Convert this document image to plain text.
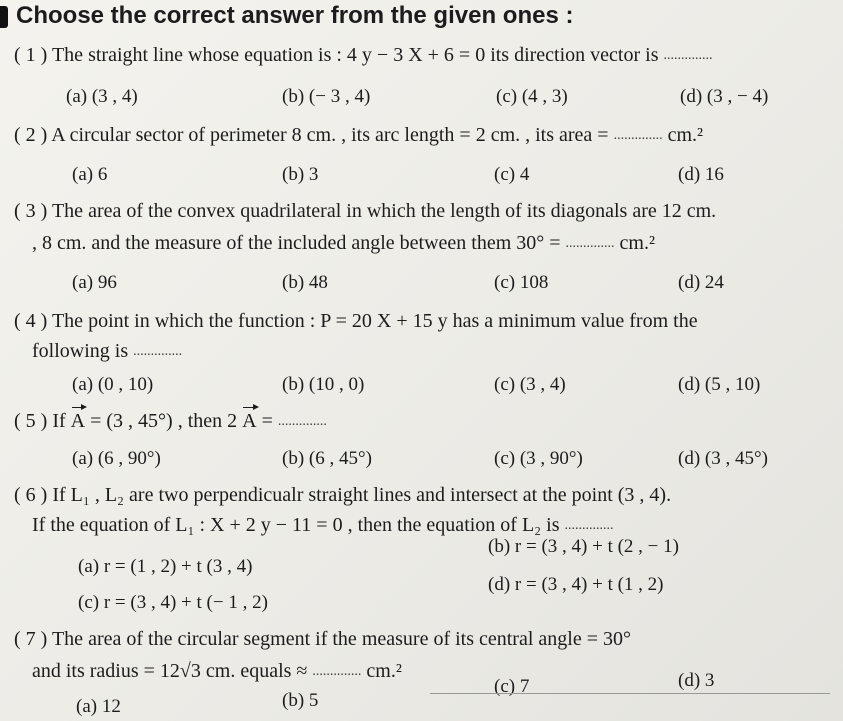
Choose the correct answer from the given ones :
( 1 ) The straight line whose equation is : 4 y − 3 X + 6 = 0 its direction vector is ..............
(a) (3 , 4)	(b) (− 3 , 4)	(c) (4 , 3)	(d) (3 , − 4)
( 2 ) A circular sector of perimeter 8 cm. , its arc length = 2 cm. , its area = .............. cm.²
(a) 6	(b) 3	(c) 4	(d) 16
( 3 ) The area of the convex quadrilateral in which the length of its diagonals are 12 cm.
, 8 cm. and the measure of the included angle between them 30° = .............. cm.²
(a) 96	(b) 48	(c) 108	(d) 24
( 4 ) The point in which the function : P = 20 X + 15 y has a minimum value from the
following is ..............
(a) (0 , 10)	(b) (10 , 0)	(c) (3 , 4)	(d) (5 , 10)
( 5 ) If A = (3 , 45°) , then 2 A = ..............
(a) (6 , 90°)	(b) (6 , 45°)	(c) (3 , 90°)	(d) (3 , 45°)
( 6 ) If L₁ , L₂ are two perpendicualr straight lines and intersect at the point (3 , 4).
If the equation of L₁ : X + 2 y − 11 = 0 , then the equation of L₂ is ..............
(a) r = (1 , 2) + t (3 , 4)
(b) r = (3 , 4) + t (2 , − 1)
(c) r = (3 , 4) + t (− 1 , 2)
(d) r = (3 , 4) + t (1 , 2)
( 7 ) The area of the circular segment if the measure of its central angle = 30°
and its radius = 12√3 cm. equals ≈ .............. cm.²
(a) 12	(b) 5
(c) 7	(d) 3
